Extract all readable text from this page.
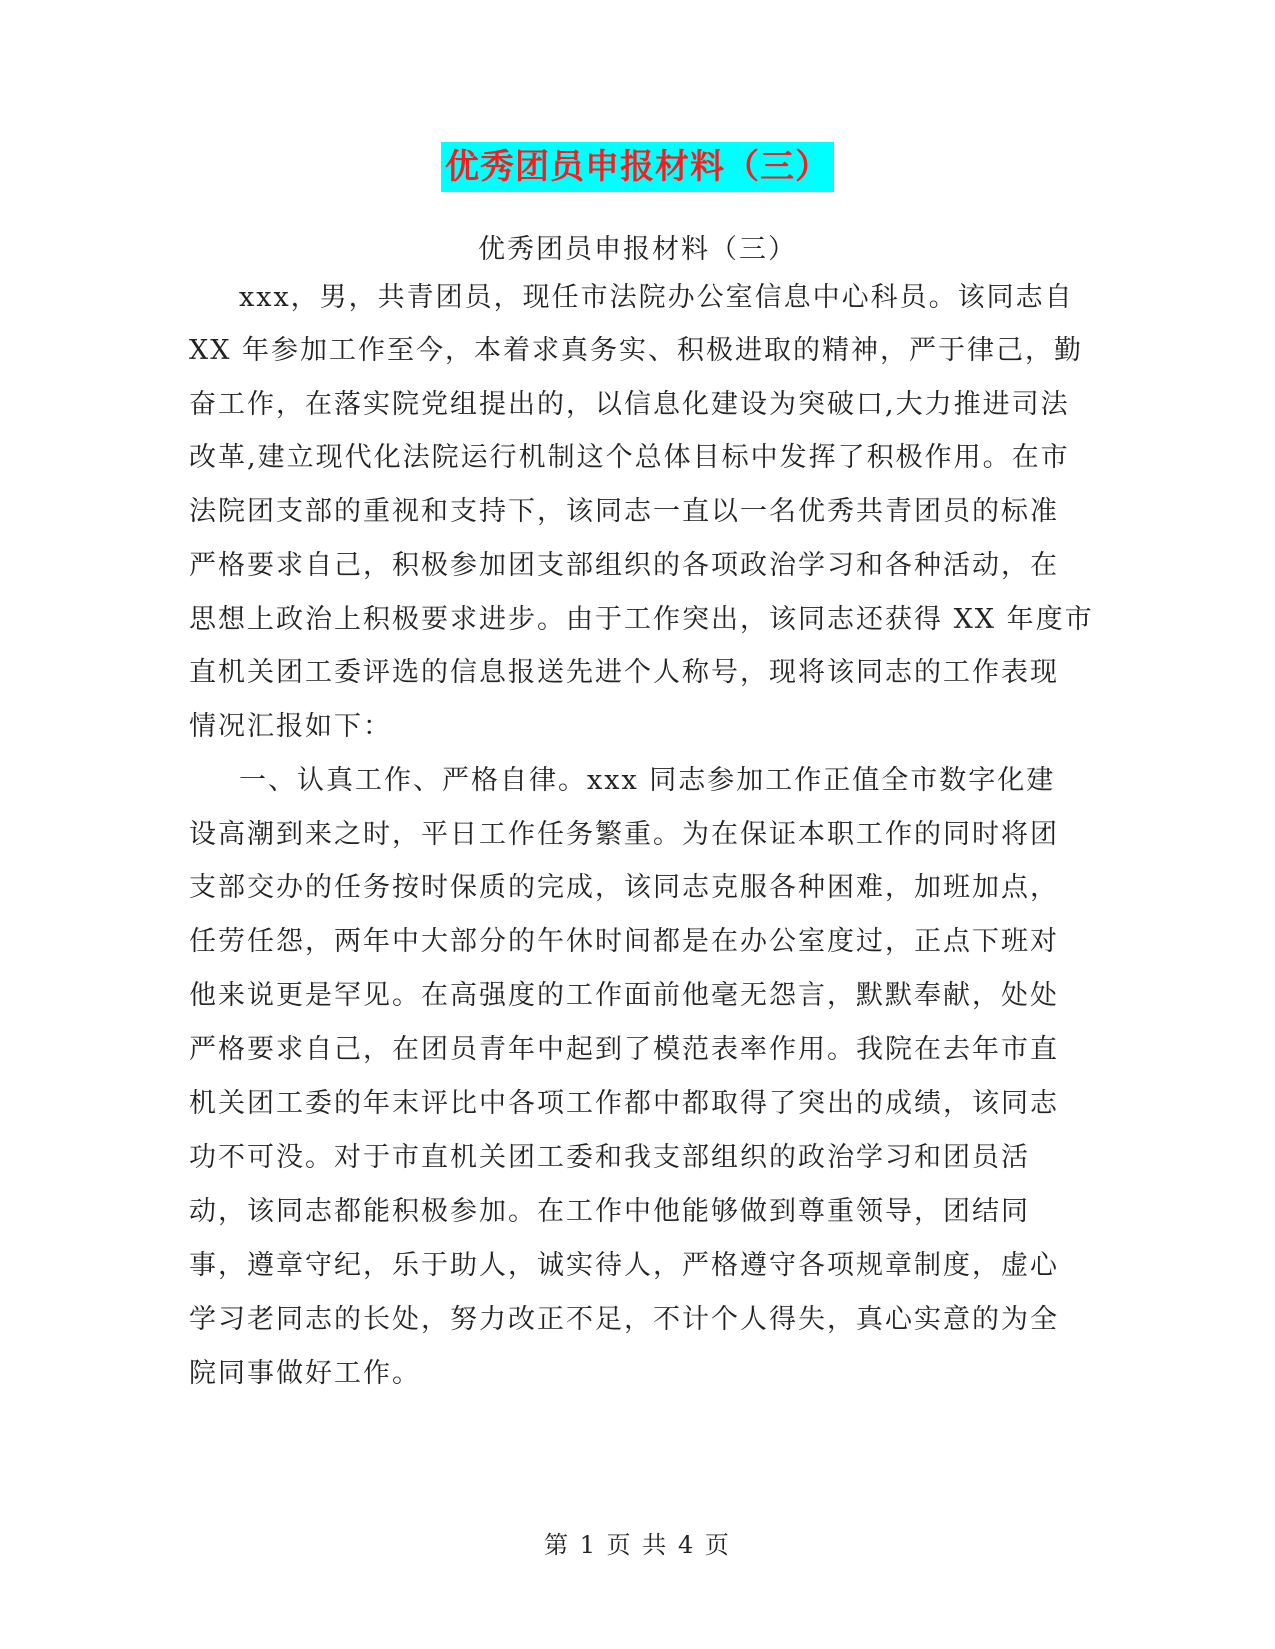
优秀团员申报材料（三）
优秀团员申报材料（三）
xxx，男，共青团员，现任市法院办公室信息中心科员。该同志自
XX 年参加工作至今，本着求真务实、积极进取的精神，严于律己，勤
奋工作，在落实院党组提出的，以信息化建设为突破口,大力推进司法
改革,建立现代化法院运行机制这个总体目标中发挥了积极作用。在市
法院团支部的重视和支持下，该同志一直以一名优秀共青团员的标准
严格要求自己，积极参加团支部组织的各项政治学习和各种活动，在
思想上政治上积极要求进步。由于工作突出，该同志还获得 XX 年度市
直机关团工委评选的信息报送先进个人称号，现将该同志的工作表现
情况汇报如下：
一、认真工作、严格自律。xxx 同志参加工作正值全市数字化建
设高潮到来之时，平日工作任务繁重。为在保证本职工作的同时将团
支部交办的任务按时保质的完成，该同志克服各种困难，加班加点，
任劳任怨，两年中大部分的午休时间都是在办公室度过，正点下班对
他来说更是罕见。在高强度的工作面前他毫无怨言，默默奉献，处处
严格要求自己，在团员青年中起到了模范表率作用。我院在去年市直
机关团工委的年末评比中各项工作都中都取得了突出的成绩，该同志
功不可没。对于市直机关团工委和我支部组织的政治学习和团员活
动，该同志都能积极参加。在工作中他能够做到尊重领导，团结同
事，遵章守纪，乐于助人，诚实待人，严格遵守各项规章制度，虚心
学习老同志的长处，努力改正不足，不计个人得失，真心实意的为全
院同事做好工作。
第 1 页 共 4 页
